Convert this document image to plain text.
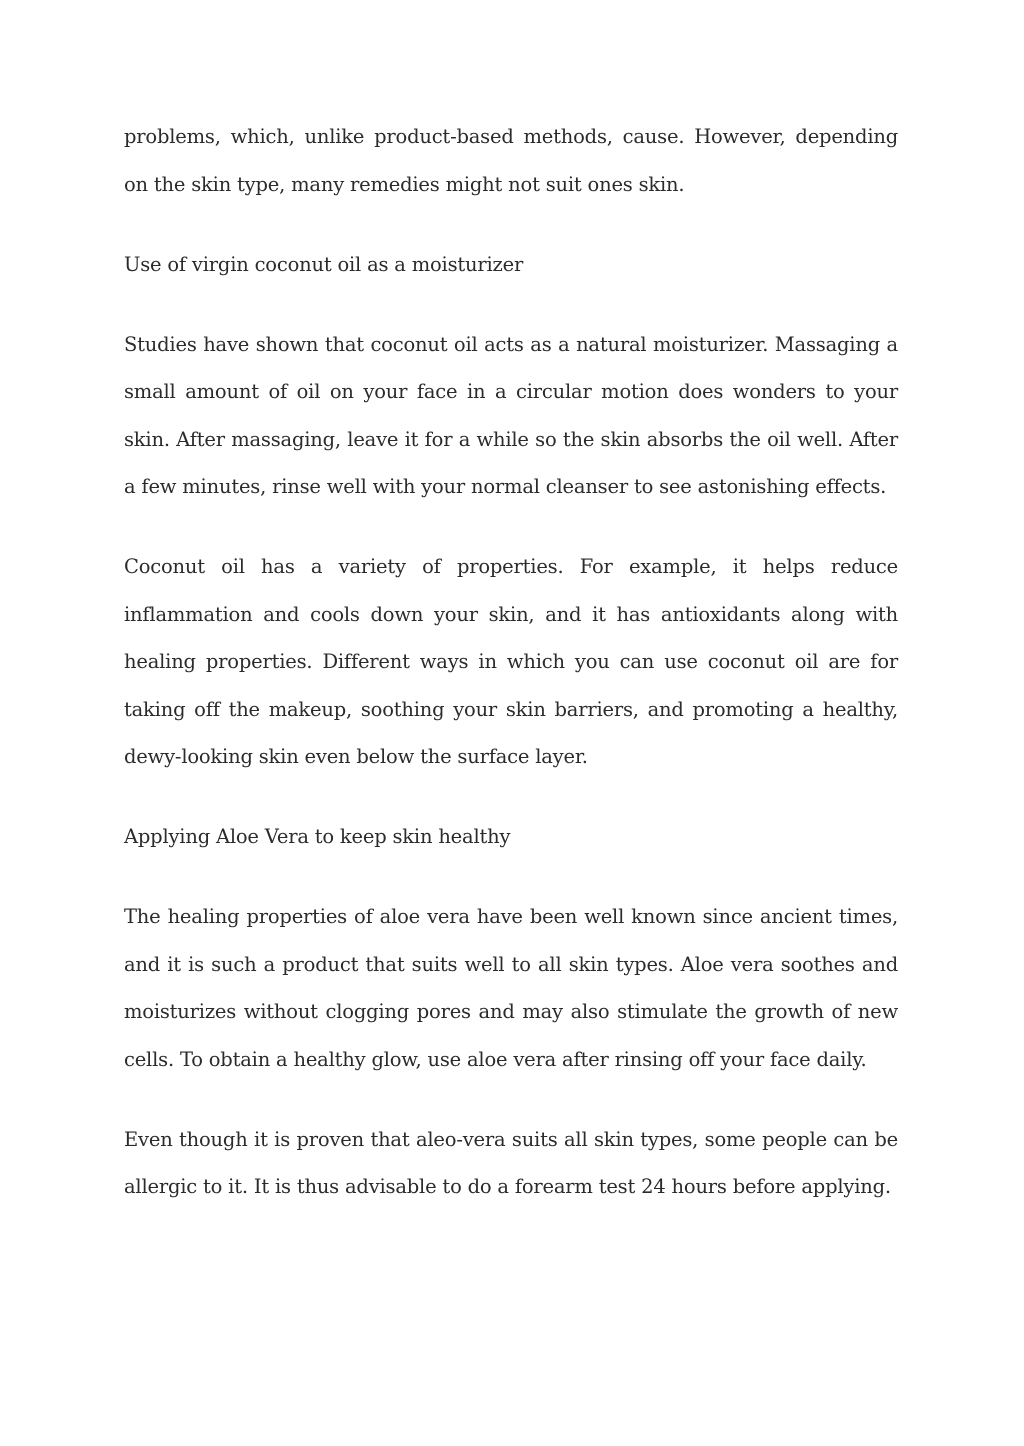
problems, which, unlike product-based methods, cause. However, depending on the skin type, many remedies might not suit ones skin.

Use of virgin coconut oil as a moisturizer

Studies have shown that coconut oil acts as a natural moisturizer. Massaging a small amount of oil on your face in a circular motion does wonders to your skin. After massaging, leave it for a while so the skin absorbs the oil well. After a few minutes, rinse well with your normal cleanser to see astonishing effects.

Coconut oil has a variety of properties. For example, it helps reduce inflammation and cools down your skin, and it has antioxidants along with healing properties. Different ways in which you can use coconut oil are for taking off the makeup, soothing your skin barriers, and promoting a healthy, dewy-looking skin even below the surface layer.

Applying Aloe Vera to keep skin healthy

The healing properties of aloe vera have been well known since ancient times, and it is such a product that suits well to all skin types. Aloe vera soothes and moisturizes without clogging pores and may also stimulate the growth of new cells. To obtain a healthy glow, use aloe vera after rinsing off your face daily.

Even though it is proven that aleo-vera suits all skin types, some people can be allergic to it. It is thus advisable to do a forearm test 24 hours before applying.
